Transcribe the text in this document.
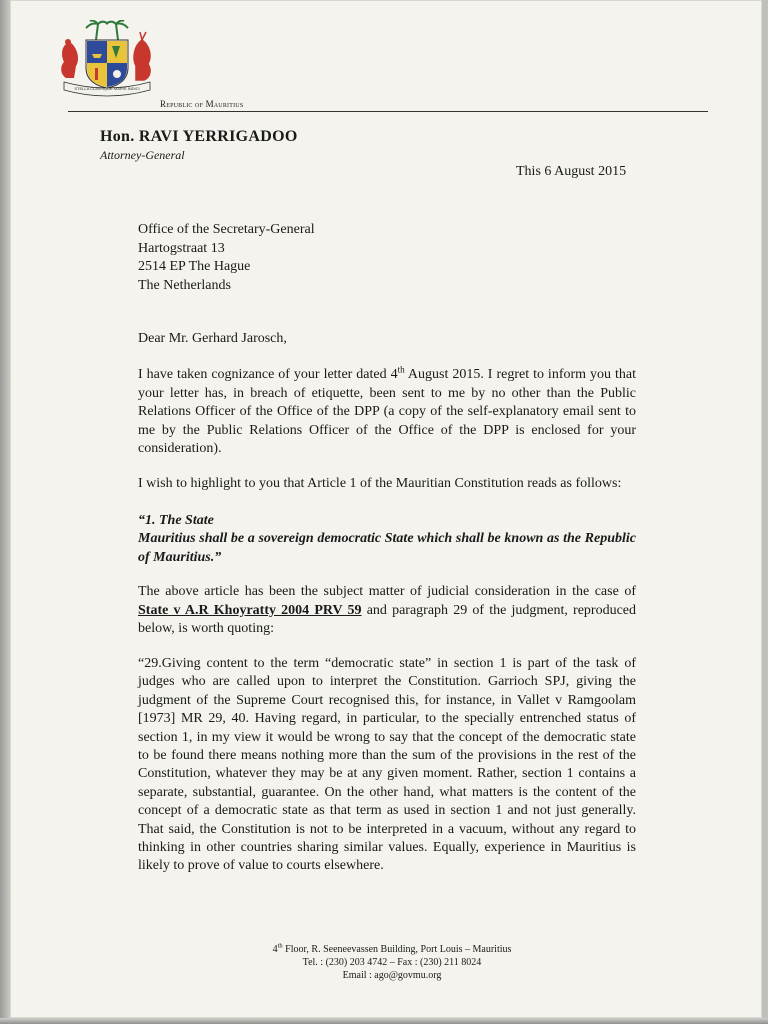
STELLA CLAVISQUE MARIS INDICI
Republic of Mauritius
Hon. RAVI YERRIGADOO
Attorney-General
This 6 August 2015
Office of the Secretary-General
Hartogstraat 13
2514 EP The Hague
The Netherlands
Dear Mr. Gerhard Jarosch,
I have taken cognizance of your letter dated 4th August 2015. I regret to inform you that your letter has, in breach of etiquette, been sent to me by no other than the Public Relations Officer of the Office of the DPP (a copy of the self-explanatory email sent to me by the Public Relations Officer of the Office of the DPP is enclosed for your consideration).
I wish to highlight to you that Article 1 of the Mauritian Constitution reads as follows:
“1. The State
Mauritius shall be a sovereign democratic State which shall be known as the Republic of Mauritius.”
The above article has been the subject matter of judicial consideration in the case of State v A.R Khoyratty 2004 PRV 59 and paragraph 29 of the judgment, reproduced below, is worth quoting:
“29.Giving content to the term “democratic state” in section 1 is part of the task of judges who are called upon to interpret the Constitution. Garrioch SPJ, giving the judgment of the Supreme Court recognised this, for instance, in Vallet v Ramgoolam [1973] MR 29, 40. Having regard, in particular, to the specially entrenched status of section 1, in my view it would be wrong to say that the concept of the democratic state to be found there means nothing more than the sum of the provisions in the rest of the Constitution, whatever they may be at any given moment. Rather, section 1 contains a separate, substantial, guarantee. On the other hand, what matters is the content of the concept of a democratic state as that term as used in section 1 and not just generally. That said, the Constitution is not to be interpreted in a vacuum, without any regard to thinking in other countries sharing similar values. Equally, experience in Mauritius is likely to prove of value to courts elsewhere.
4th Floor, R. Seeneevassen Building, Port Louis – Mauritius
Tel. : (230) 203 4742 – Fax : (230) 211 8024
Email : ago@govmu.org
